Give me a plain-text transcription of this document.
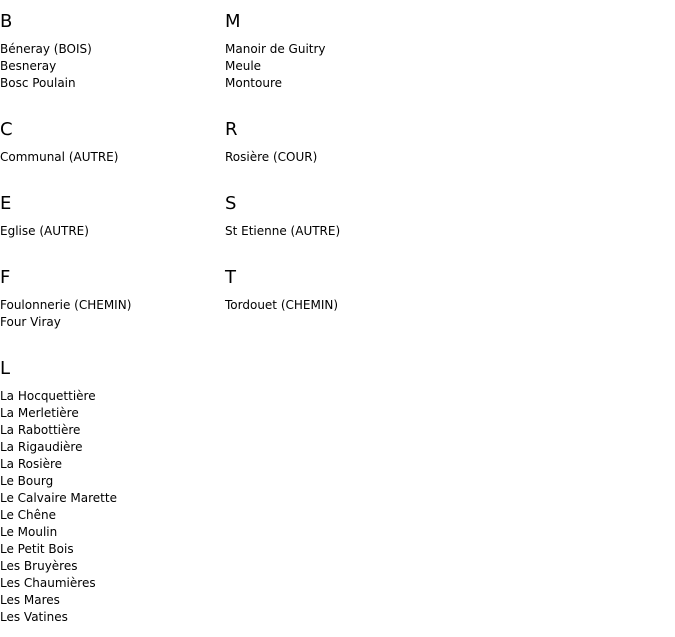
B
Béneray (BOIS)
Besneray
Bosc Poulain
C
Communal (AUTRE)
E
Eglise (AUTRE)
F
Foulonnerie (CHEMIN)
Four Viray
L
La Hocquettière
La Merletière
La Rabottière
La Rigaudière
La Rosière
Le Bourg
Le Calvaire Marette
Le Chêne
Le Moulin
Le Petit Bois
Les Bruyères
Les Chaumières
Les Mares
Les Vatines
M
Manoir de Guitry
Meule
Montoure
R
Rosière (COUR)
S
St Etienne (AUTRE)
T
Tordouet (CHEMIN)
